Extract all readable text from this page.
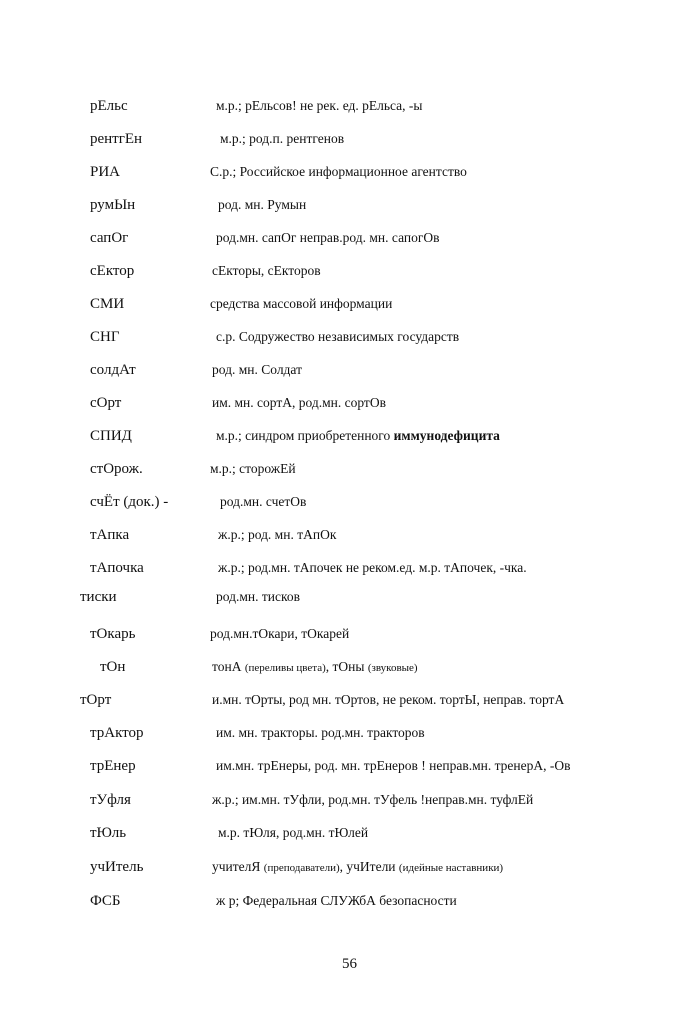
рЕльс	м.р.; рЕльсов! не рек. ед. рЕльса, -ы
рентгЕн	м.р.; род.п. рентгенов
РИА	С.р.; Российское информационное агентство
румЫн	род. мн. Румын
сапОг	род.мн. сапОг неправ.род. мн. сапогОв
сЕктор	сЕкторы, сЕкторов
СМИ	средства массовой информации
СНГ	с.р. Содружество независимых государств
солдАт	род. мн. Солдат
сОрт	им. мн. сортА, род.мн. сортОв
СПИД	м.р.; синдром приобретенного иммунодефицита
стОрож.	м.р.; сторожЕй
счЁт (док.) -	род.мн. счетОв
тАпка	ж.р.; род. мн. тАпОк
тАпочка	ж.р.; род.мн. тАпочек не реком.ед. м.р. тАпочек, -чка.
тиски	род.мн. тисков
тОкарь	род.мн.тОкари, тОкарей
тОн	тонА (переливы цвета), тОны (звуковые)
тОрт	и.мн. тОрты, род мн. тОртов, не реком. тортЫ, неправ. тортА
трАктор	им. мн. тракторы. род.мн. тракторов
трЕнер	им.мн. трЕнеры, род. мн. трЕнеров ! неправ.мн. тренерА, -Ов
тУфля	ж.р.; им.мн. тУфли, род.мн. тУфель !неправ.мн. туфлЕй
тЮль	м.р. тЮля, род.мн. тЮлей
учИтель	учителЯ (преподаватели), учИтели (идейные наставники)
ФСБ	ж р; Федеральная СЛУЖбА безопасности
56
